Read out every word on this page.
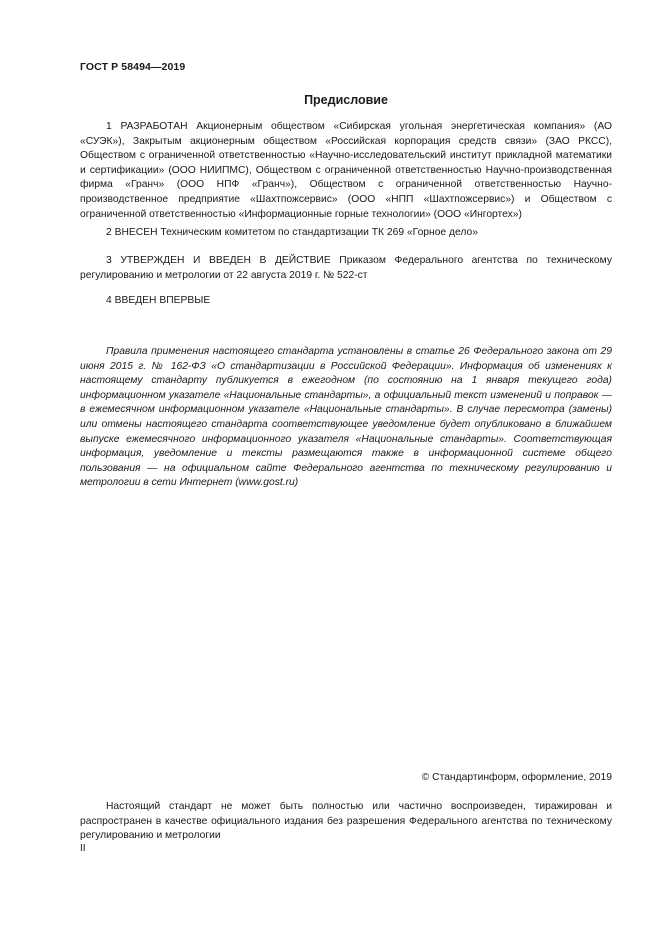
ГОСТ Р 58494—2019
Предисловие

1 РАЗРАБОТАН Акционерным обществом «Сибирская угольная энергетическая компания» (АО «СУЭК»), Закрытым акционерным обществом «Российская корпорация средств связи» (ЗАО РКСС), Обществом с ограниченной ответственностью «Научно-исследовательский институт прикладной математики и сертификации» (ООО НИИПМС), Обществом с ограниченной ответственностью Научно-производственная фирма «Гранч» (ООО НПФ «Гранч»), Обществом с ограниченной ответственностью Научно-производственное предприятие «Шахтпожсервис» (ООО «НПП «Шахтпожсервис») и Обществом с ограниченной ответственностью «Информационные горные технологии» (ООО «Ингортех»)

2 ВНЕСЕН Техническим комитетом по стандартизации ТК 269 «Горное дело»

3 УТВЕРЖДЕН И ВВЕДЕН В ДЕЙСТВИЕ Приказом Федерального агентства по техническому регулированию и метрологии от 22 августа 2019 г. № 522-ст

4 ВВЕДЕН ВПЕРВЫЕ

Правила применения настоящего стандарта установлены в статье 26 Федерального закона от 29 июня 2015 г. № 162-ФЗ «О стандартизации в Российской Федерации». Информация об изменениях к настоящему стандарту публикуется в ежегодном (по состоянию на 1 января текущего года) информационном указателе «Национальные стандарты», а официальный текст изменений и поправок — в ежемесячном информационном указателе «Национальные стандарты». В случае пересмотра (замены) или отмены настоящего стандарта соответствующее уведомление будет опубликовано в ближайшем выпуске ежемесячного информационного указателя «Национальные стандарты». Соответствующая информация, уведомление и тексты размещаются также в информационной системе общего пользования — на официальном сайте Федерального агентства по техническому регулированию и метрологии в сети Интернет (www.gost.ru)

© Стандартинформ, оформление, 2019

Настоящий стандарт не может быть полностью или частично воспроизведен, тиражирован и распространен в качестве официального издания без разрешения Федерального агентства по техническому регулированию и метрологии

II
